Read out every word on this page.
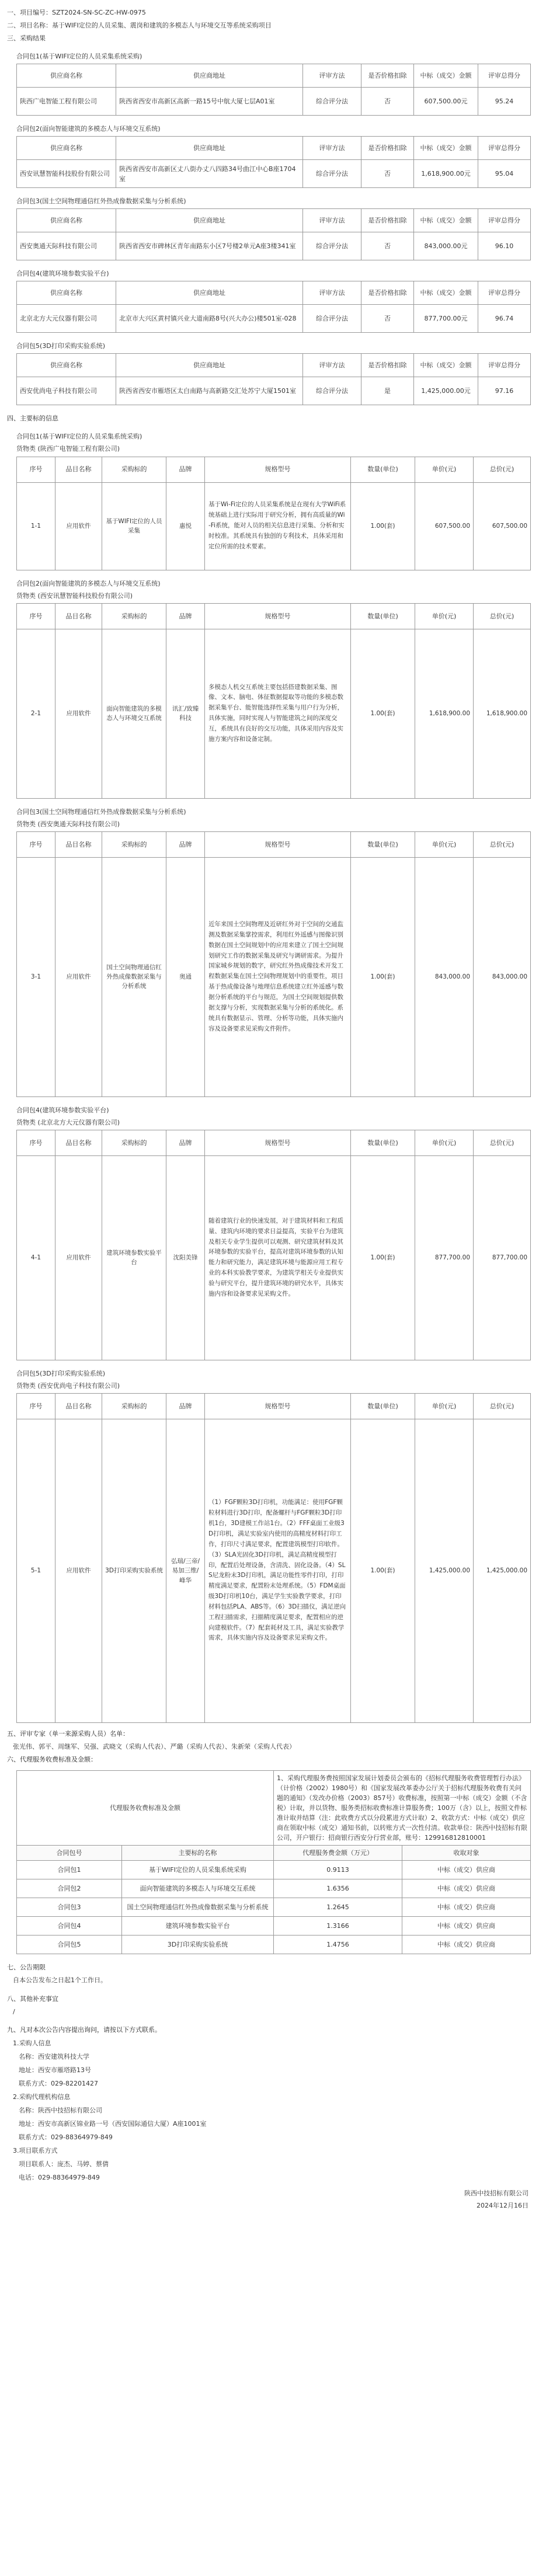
一、项目编号：SZT2024-SN-SC-ZC-HW-0975
二、项目名称：基于WIFI定位的人员采集、震岗和建筑的多模态人与环境交互等系统采购项目
三、采购结果
合同包1(基于WIFI定位的人员采集系统采购)
供应商名称	供应商地址	评审方法	是否价格扣除	中标（成交）金额	评审总得分
陕西广电智能工程有限公司	陕西省西安市高新区高新一路15号中航大厦七层A01室	综合评分法	否	607,500.00元	95.24
合同包2(面向智能建筑的多模态人与环境交互系统)
供应商名称	供应商地址	评审方法	是否价格扣除	中标（成交）金额	评审总得分
西安讯慧智能科技股份有限公司	陕西省西安市高新区丈八街办丈八四路34号曲江中心B座1704室	综合评分法	否	1,618,900.00元	95.04
合同包3(国土空间物理通信红外热成像数据采集与分析系统)
供应商名称	供应商地址	评审方法	是否价格扣除	中标（成交）金额	评审总得分
西安奥通天际科技有限公司	陕西省西安市碑林区青年南路东小区7号楼2单元A座3楼341室	综合评分法	否	843,000.00元	96.10
合同包4(建筑环境参数实验平台)
供应商名称	供应商地址	评审方法	是否价格扣除	中标（成交）金额	评审总得分
北京北方大元仪器有限公司	北京市大兴区黄村镇兴业大道南路8号(兴大办公)楼501室-028	综合评分法	否	877,700.00元	96.74
合同包5(3D打印采购实验系统)
供应商名称	供应商地址	评审方法	是否价格扣除	中标（成交）金额	评审总得分
西安优尚电子科技有限公司	陕西省西安市雁塔区太白南路与高新路交汇处苏宁大厦1501室	综合评分法	是	1,425,000.00元	97.16
四、主要标的信息
合同包1(基于WIFI定位的人员采集系统采购)
货物类 (陕西广电智能工程有限公司)
序号	品目名称	采购标的	品牌	规格型号	数量(单位)	单价(元)	总价(元)
1-1	应用软件	基于WIFI定位的人员采集	惠悦	基于Wi-Fi定位的人员采集系统是在现有大学WiFi系统基础上进行实际用于研究分析，拥有高质量的Wi-Fi系统，能对人员的相关信息进行采集、分析和实时校准。其系统具有独创的专利技术，具体采用和定位所需的技术要素。	1.00(套)	607,500.00	607,500.00
合同包2(面向智能建筑的多模态人与环境交互系统)
货物类 (西安讯慧智能科技股份有限公司)
序号	品目名称	采购标的	品牌	规格型号	数量(单位)	单价(元)	总价(元)
2-1	应用软件	面向智能建筑的多模态人与环境交互系统	讯汇/致臻科技	多模态人机交互系统主要包括搭建数据采集、图像、文本、脑电、体征数据提取等功能的多模态数据采集平台、能智能选择性采集与用户行为分析，具体实施，同时实现人与智能建筑之间的深度交互，系统具有良好的交互功能，具体采用内容及实施方案内容和设备定制。	1.00(套)	1,618,900.00	1,618,900.00
合同包3(国土空间物理通信红外热成像数据采集与分析系统)
货物类 (西安奥通天际科技有限公司)
序号	品目名称	采购标的	品牌	规格型号	数量(单位)	单价(元)	总价(元)
3-1	应用软件	国土空间物理通信红外热成像数据采集与分析系统	奥通	近年来国土空间物理及近研红外对于空间的交通监测及数据采集掌控需求，利用红外遥感与图像识别数据在国土空间规划中的应用来建立了国土空间规划研究工作的数据采集及研究与调研需求。为提升国家城乡规划的数字，研究红外热成像技术开发工程数据采集在国土空间物理规划中的重要性，项目基于热成像设备与地理信息系统建立红外遥感与数据分析系统的平台与规范，为国土空间规划提供数据支撑与分析，实现数据采集与分析的系统化。系统具有数据显示、管理、分析等功能，具体实施内容及设备要求见采购文件附件。	1.00(套)	843,000.00	843,000.00
合同包4(建筑环境参数实验平台)
货物类 (北京北方大元仪器有限公司)
序号	品目名称	采购标的	品牌	规格型号	数量(单位)	单价(元)	总价(元)
4-1	应用软件	建筑环境参数实验平台	沈阳美锋	随着建筑行业的快速发展，对于建筑材料和工程质量、建筑内环境的要求日益提高，实验平台为建筑及相关专业学生提供可以观测、研究建筑材料及其环境参数的实验平台，提高对建筑环境参数的认知能力和研究能力，满足建筑环境与能源应用工程专业的本科实验教学要求，为建筑学相关专业提供实验与研究平台，提升建筑环境的研究水平，具体实施内容和设备要求见采购文件。	1.00(套)	877,700.00	877,700.00
合同包5(3D打印采购实验系统)
货物类 (西安优尚电子科技有限公司)
序号	品目名称	采购标的	品牌	规格型号	数量(单位)	单价(元)	总价(元)
5-1	应用软件	3D打印采购实验系统	弘瑞/三帝/易加三维/峰华	（1）FGF颗粒3D打印机，功能满足：使用FGF颗粒材料进行3D打印，配备螺杆与FGF颗粒3D打印机1台，3D建模工作站1台。（2）FFF桌面工业级3D打印机，满足实验室内使用的高精度材料打印工作，打印尺寸满足要求，配置建筑模型打印软件。（3）SLA光固化3D打印机，满足高精度模型打印，配置后处理设备，含清洗、固化设备。（4）SLS尼龙粉末3D打印机，满足功能性零件打印，打印精度满足要求，配置粉末处理系统。（5）FDM桌面级3D打印机10台，满足学生实验教学要求，打印材料包括PLA、ABS等。（6）3D扫描仪，满足逆向工程扫描需求，扫描精度满足要求，配置相应的逆向建模软件。（7）配套耗材及工具，满足实验教学需求，具体实施内容及设备要求见采购文件。	1.00(套)	1,425,000.00	1,425,000.00
五、评审专家（单一来源采购人员）名单：
张光伟、郭平、周继军、吴强、武晓文（采购人代表）、严璐（采购人代表）、朱新荣（采购人代表）
六、代理服务收费标准及金额：
代理服务收费标准及金额		1、采购代理服务费按照国家发展计划委员会颁布的《招标代理服务收费管理暂行办法》（计价格（2002）1980号）和《国家发展改革委办公厅关于招标代理服务收费有关问题的通知》（发改办价格（2003）857号）收费标准，按照第一中标（成交）金额（不含税）计取，并以货物、服务类招标收费标准计算服务费；100万（含）以上，按照文件标准计取并结算（注：此收费方式以分段累进方式计取）2、收款方式：中标（成交）供应商在领取中标（成交）通知书前，以转账方式一次性付清。收款单位：陕西中技招标有限公司，开户银行：招商银行西安分行营业部，账号：129916812810001	
合同包号	主要标的名称	代理服务费金额（万元）	收取对象
合同包1	基于WIFI定位的人员采集系统采购	0.9113	中标（成交）供应商
合同包2	面向智能建筑的多模态人与环境交互系统	1.6356	中标（成交）供应商
合同包3	国土空间物理通信红外热成像数据采集与分析系统	1.2645	中标（成交）供应商
合同包4	建筑环境参数实验平台	1.3166	中标（成交）供应商
合同包5	3D打印采购实验系统	1.4756	中标（成交）供应商
七、公告期限
自本公告发布之日起1个工作日。
八、其他补充事宜
/
九、凡对本次公告内容提出询问，请按以下方式联系。
1.采购人信息
名称：西安建筑科技大学
地址：西安市雁塔路13号
联系方式：029-82201427
2.采购代理机构信息
名称：陕西中技招标有限公司
地址：西安市高新区锦业路一号（西安国际通信大厦）A座1001室
联系方式：029-88364979-849
3.项目联系方式
项目联系人：庞杰、马婷、蔡倩
电话：029-88364979-849
陕西中技招标有限公司
2024年12月16日
